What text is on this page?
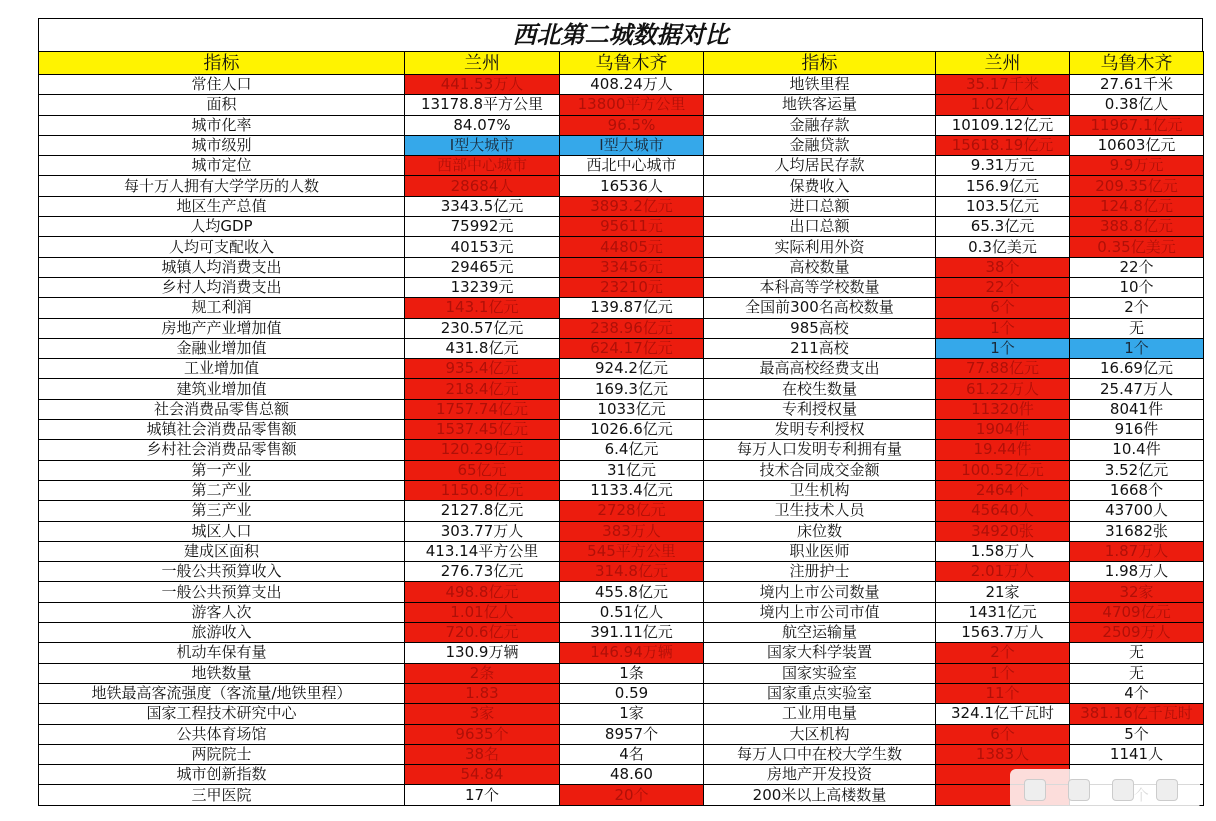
西北第二城数据对比
指标	兰州	乌鲁木齐	指标	兰州	乌鲁木齐
常住人口	441.53万人	408.24万人	地铁里程	35.17千米	27.61千米
面积	13178.8平方公里	13800平方公里	地铁客运量	1.02亿人	0.38亿人
城市化率	84.07%	96.5%	金融存款	10109.12亿元	11967.1亿元
城市级别	I型大城市	I型大城市	金融贷款	15618.19亿元	10603亿元
城市定位	西部中心城市	西北中心城市	人均居民存款	9.31万元	9.9万元
每十万人拥有大学学历的人数	28684人	16536人	保费收入	156.9亿元	209.35亿元
地区生产总值	3343.5亿元	3893.2亿元	进口总额	103.5亿元	124.8亿元
人均GDP	75992元	95611元	出口总额	65.3亿元	388.8亿元
人均可支配收入	40153元	44805元	实际利用外资	0.3亿美元	0.35亿美元
城镇人均消费支出	29465元	33456元	高校数量	38个	22个
乡村人均消费支出	13239元	23210元	本科高等学校数量	22个	10个
规工利润	143.1亿元	139.87亿元	全国前300名高校数量	6个	2个
房地产产业增加值	230.57亿元	238.96亿元	985高校	1个	无
金融业增加值	431.8亿元	624.17亿元	211高校	1个	1个
工业增加值	935.4亿元	924.2亿元	最高高校经费支出	77.88亿元	16.69亿元
建筑业增加值	218.4亿元	169.3亿元	在校生数量	61.22万人	25.47万人
社会消费品零售总额	1757.74亿元	1033亿元	专利授权量	11320件	8041件
城镇社会消费品零售额	1537.45亿元	1026.6亿元	发明专利授权	1904件	916件
乡村社会消费品零售额	120.29亿元	6.4亿元	每万人口发明专利拥有量	19.44件	10.4件
第一产业	65亿元	31亿元	技术合同成交金额	100.52亿元	3.52亿元
第二产业	1150.8亿元	1133.4亿元	卫生机构	2464个	1668个
第三产业	2127.8亿元	2728亿元	卫生技术人员	45640人	43700人
城区人口	303.77万人	383万人	床位数	34920张	31682张
建成区面积	413.14平方公里	545平方公里	职业医师	1.58万人	1.87万人
一般公共预算收入	276.73亿元	314.8亿元	注册护士	2.01万人	1.98万人
一般公共预算支出	498.8亿元	455.8亿元	境内上市公司数量	21家	32家
游客人次	1.01亿人	0.51亿人	境内上市公司市值	1431亿元	4709亿元
旅游收入	720.6亿元	391.11亿元	航空运输量	1563.7万人	2509万人
机动车保有量	130.9万辆	146.94万辆	国家大科学装置	2个	无
地铁数量	2条	1条	国家实验室	1个	无
地铁最高客流强度（客流量/地铁里程）	1.83	0.59	国家重点实验室	11个	4个
国家工程技术研究中心	3家	1家	工业用电量	324.1亿千瓦时	381.16亿千瓦时
公共体育场馆	9635个	8957个	大区机构	6个	5个
两院院士	38名	4名	每万人口中在校大学生数	1383人	1141人
城市创新指数	54.84	48.60	房地产开发投资		
三甲医院	17个	20个	200米以上高楼数量		
